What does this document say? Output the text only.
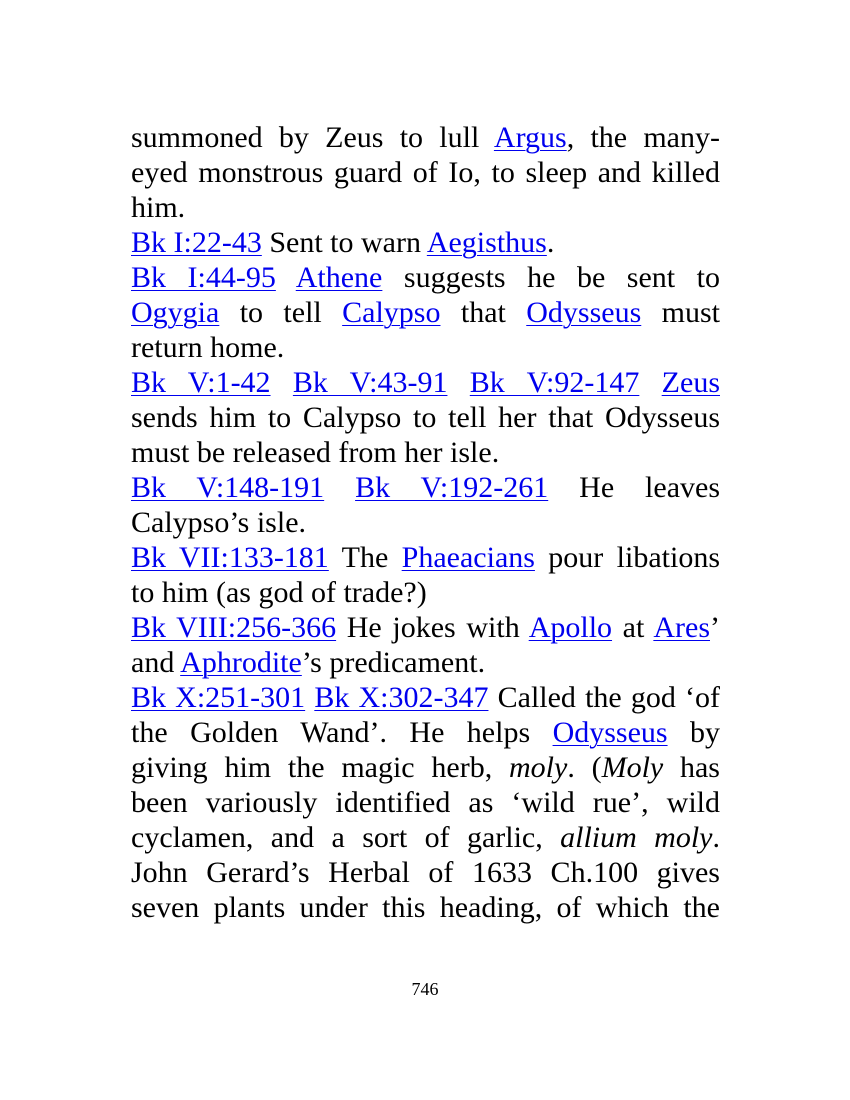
summoned by Zeus to lull Argus, the many-
eyed monstrous guard of Io, to sleep and killed
him.
Bk I:22-43 Sent to warn Aegisthus.
Bk I:44-95 Athene suggests he be sent to
Ogygia to tell Calypso that Odysseus must
return home.
Bk V:1-42 Bk V:43-91 Bk V:92-147 Zeus
sends him to Calypso to tell her that Odysseus
must be released from her isle.
Bk V:148-191 Bk V:192-261 He leaves
Calypso’s isle.
Bk VII:133-181 The Phaeacians pour libations
to him (as god of trade?)
Bk VIII:256-366 He jokes with Apollo at Ares’
and Aphrodite’s predicament.
Bk X:251-301 Bk X:302-347 Called the god ‘of
the Golden Wand’. He helps Odysseus by
giving him the magic herb, moly. (Moly has
been variously identified as ‘wild rue’, wild
cyclamen, and a sort of garlic, allium moly.
John Gerard’s Herbal of 1633 Ch.100 gives
seven plants under this heading, of which the
746
